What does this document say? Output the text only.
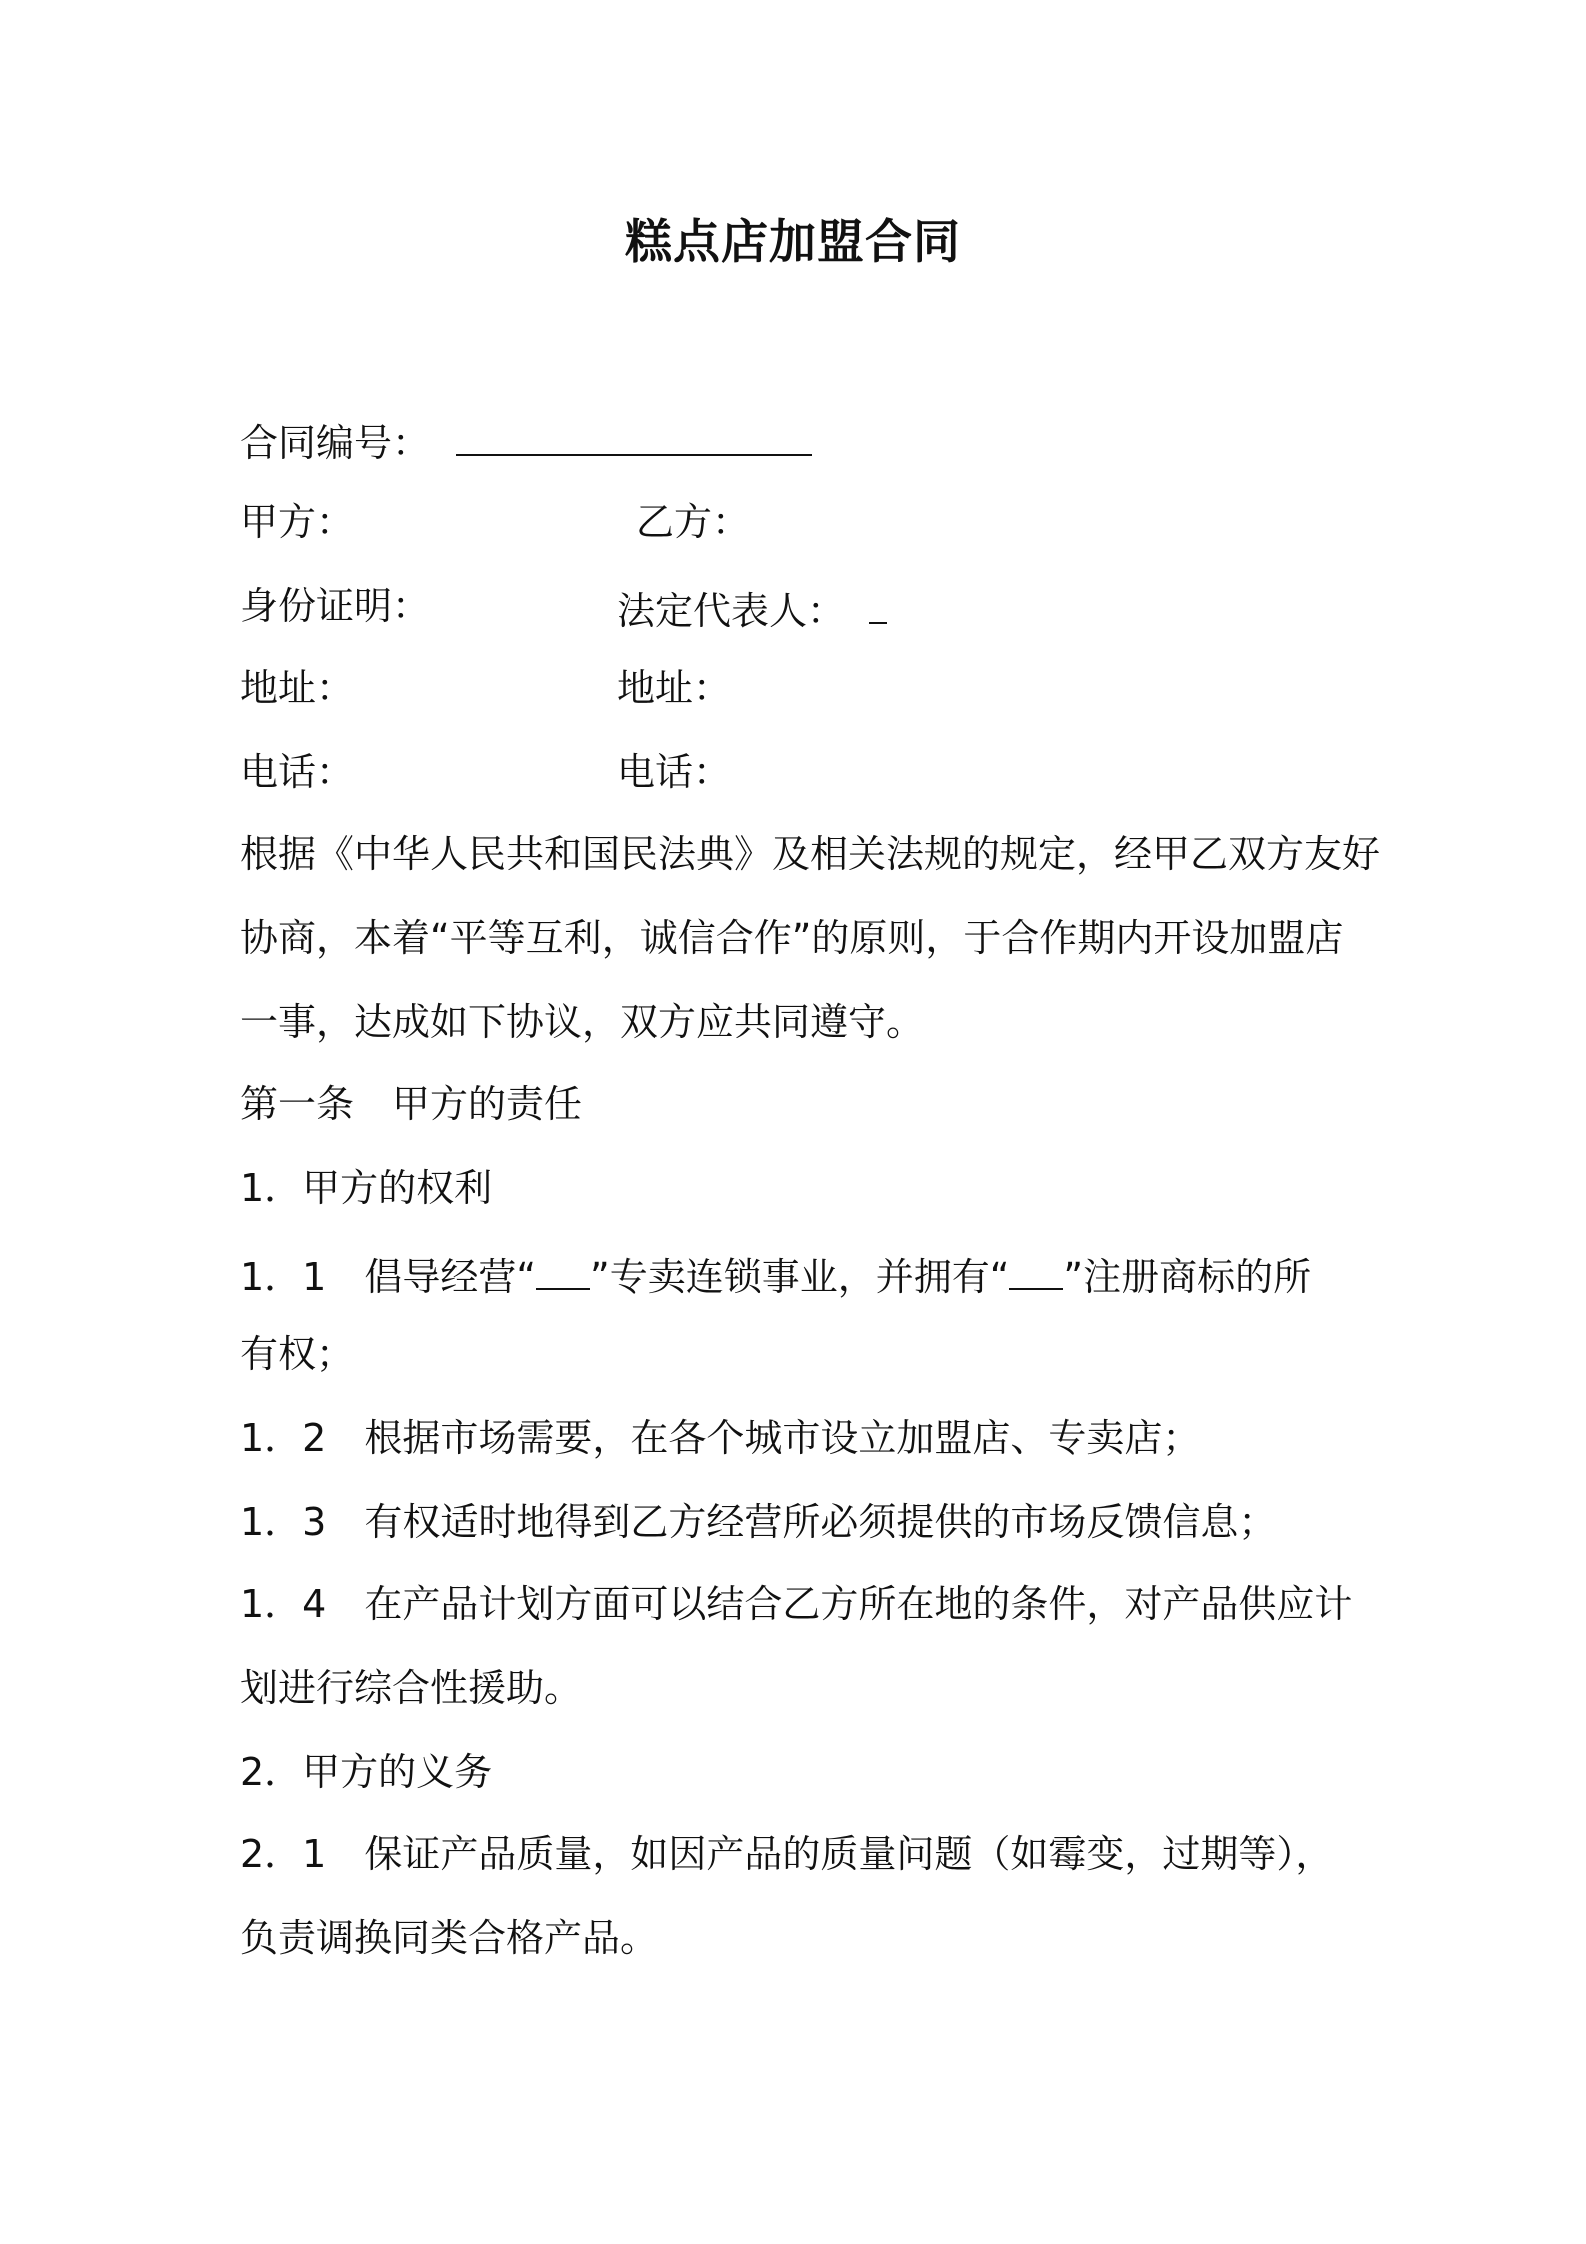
糕点店加盟合同
合同编号：
甲方：	乙方：
身份证明：	法定代表人：
地址：	地址：
电话：	电话：
根据《中华人民共和国民法典》及相关法规的规定，经甲乙双方友好
协商，本着“平等互利，诚信合作”的原则，于合作期内开设加盟店
一事，达成如下协议，双方应共同遵守。
第一条　甲方的责任
1．甲方的权利
1．1 倡导经营“ ”专卖连锁事业，并拥有“ ”注册商标的所
有权；
1．2　根据市场需要，在各个城市设立加盟店、专卖店；
1．3　有权适时地得到乙方经营所必须提供的市场反馈信息；
1．4　在产品计划方面可以结合乙方所在地的条件，对产品供应计
划进行综合性援助。
2．甲方的义务
2．1　保证产品质量，如因产品的质量问题（如霉变，过期等），
负责调换同类合格产品。
